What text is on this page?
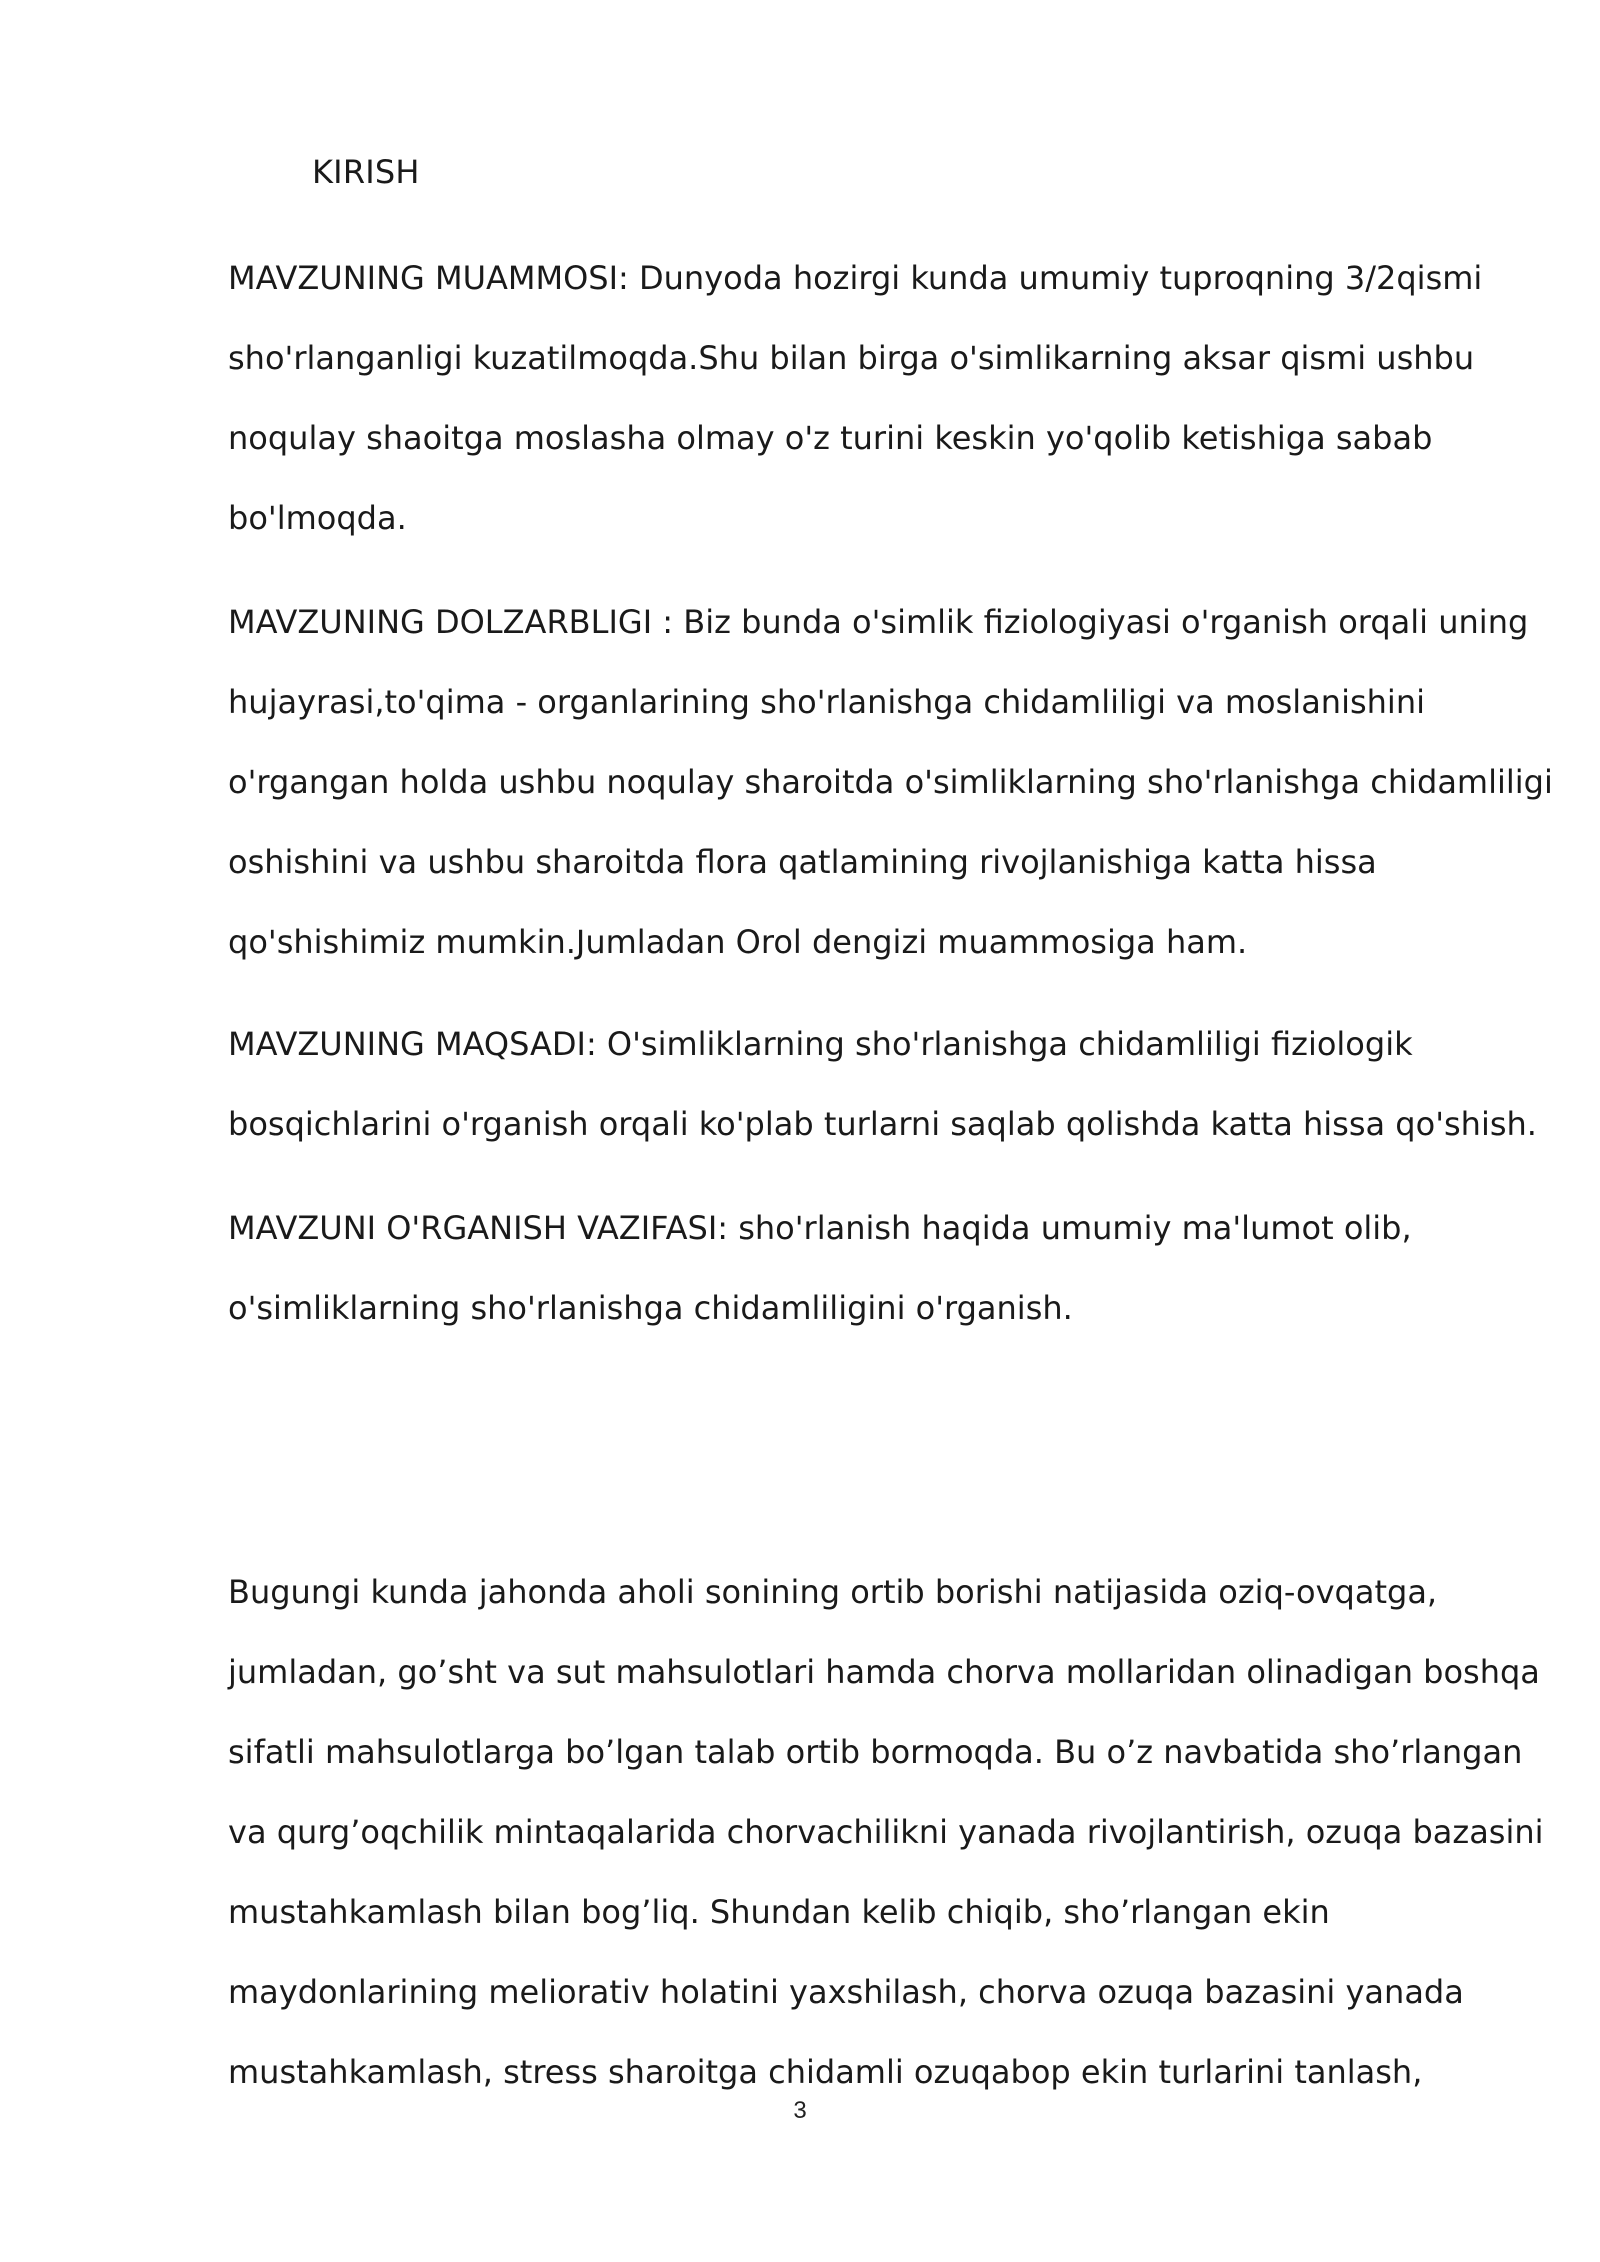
KIRISH
MAVZUNING MUAMMOSI: Dunyoda hozirgi kunda umumiy tuproqning 3/2qismi
sho'rlanganligi kuzatilmoqda.Shu bilan birga o'simlikarning aksar qismi ushbu
noqulay shaoitga moslasha olmay o'z turini keskin yo'qolib ketishiga sabab
bo'lmoqda.
MAVZUNING DOLZARBLIGI : Biz bunda o'simlik fiziologiyasi o'rganish orqali uning
hujayrasi,to'qima - organlarining sho'rlanishga chidamliligi va moslanishini
o'rgangan holda ushbu noqulay sharoitda o'simliklarning sho'rlanishga chidamliligi
oshishini va ushbu sharoitda flora qatlamining rivojlanishiga katta hissa
qo'shishimiz mumkin.Jumladan Orol dengizi muammosiga ham.
MAVZUNING MAQSADI: O'simliklarning sho'rlanishga chidamliligi fiziologik
bosqichlarini o'rganish orqali ko'plab turlarni saqlab qolishda katta hissa qo'shish.
MAVZUNI O'RGANISH VAZIFASI: sho'rlanish haqida umumiy ma'lumot olib,
o'simliklarning sho'rlanishga chidamliligini o'rganish.
Bugungi kunda jahonda aholi sonining ortib borishi natijasida oziq-ovqatga,
jumladan, go’sht va sut mahsulotlari hamda chorva mollaridan olinadigan boshqa
sifatli mahsulotlarga bo’lgan talab ortib bormoqda. Bu o’z navbatida sho’rlangan
va qurg’oqchilik mintaqalarida chorvachilikni yanada rivojlantirish, ozuqa bazasini
mustahkamlash bilan bog’liq. Shundan kelib chiqib, sho’rlangan ekin
maydonlarining meliorativ holatini yaxshilash, chorva ozuqa bazasini yanada
mustahkamlash, stress sharoitga chidamli ozuqabop ekin turlarini tanlash,
3
